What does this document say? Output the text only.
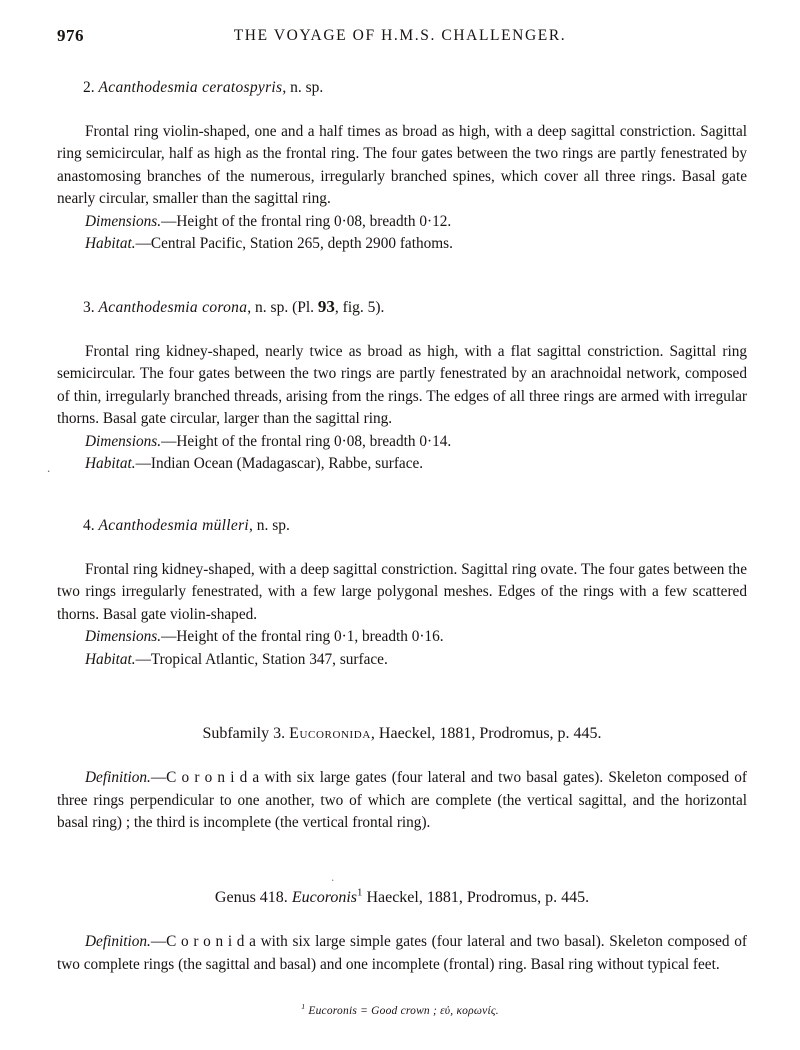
976	THE VOYAGE OF H.M.S. CHALLENGER.
.
.
2. Acanthodesmia ceratospyris, n. sp.

Frontal ring violin-shaped, one and a half times as broad as high, with a deep sagittal constriction. Sagittal ring semicircular, half as high as the frontal ring. The four gates between the two rings are partly fenestrated by anastomosing branches of the numerous, irregularly branched spines, which cover all three rings. Basal gate nearly circular, smaller than the sagittal ring.

Dimensions.—Height of the frontal ring 0·08, breadth 0·12.

Habitat.—Central Pacific, Station 265, depth 2900 fathoms.

3. Acanthodesmia corona, n. sp. (Pl. 93, fig. 5).

Frontal ring kidney-shaped, nearly twice as broad as high, with a flat sagittal constriction. Sagittal ring semicircular. The four gates between the two rings are partly fenestrated by an arachnoidal network, composed of thin, irregularly branched threads, arising from the rings. The edges of all three rings are armed with irregular thorns. Basal gate circular, larger than the sagittal ring.

Dimensions.—Height of the frontal ring 0·08, breadth 0·14.

Habitat.—Indian Ocean (Madagascar), Rabbe, surface.

4. Acanthodesmia mülleri, n. sp.

Frontal ring kidney-shaped, with a deep sagittal constriction. Sagittal ring ovate. The four gates between the two rings irregularly fenestrated, with a few large polygonal meshes. Edges of the rings with a few scattered thorns. Basal gate violin-shaped.

Dimensions.—Height of the frontal ring 0·1, breadth 0·16.

Habitat.—Tropical Atlantic, Station 347, surface.

Subfamily 3. Eucoronida, Haeckel, 1881, Prodromus, p. 445.

Definition.—C o r o n i d a with six large gates (four lateral and two basal gates). Skeleton composed of three rings perpendicular to one another, two of which are complete (the vertical sagittal, and the horizontal basal ring) ; the third is incomplete (the vertical frontal ring).

Genus 418. Eucoronis$^1$ Haeckel, 1881, Prodromus, p. 445.

Definition.—C o r o n i d a with six large simple gates (four lateral and two basal). Skeleton composed of two complete rings (the sagittal and basal) and one incomplete (frontal) ring. Basal ring without typical feet.

$^1$ Eucoronis = Good crown ; εὐ, κορωνίς.
